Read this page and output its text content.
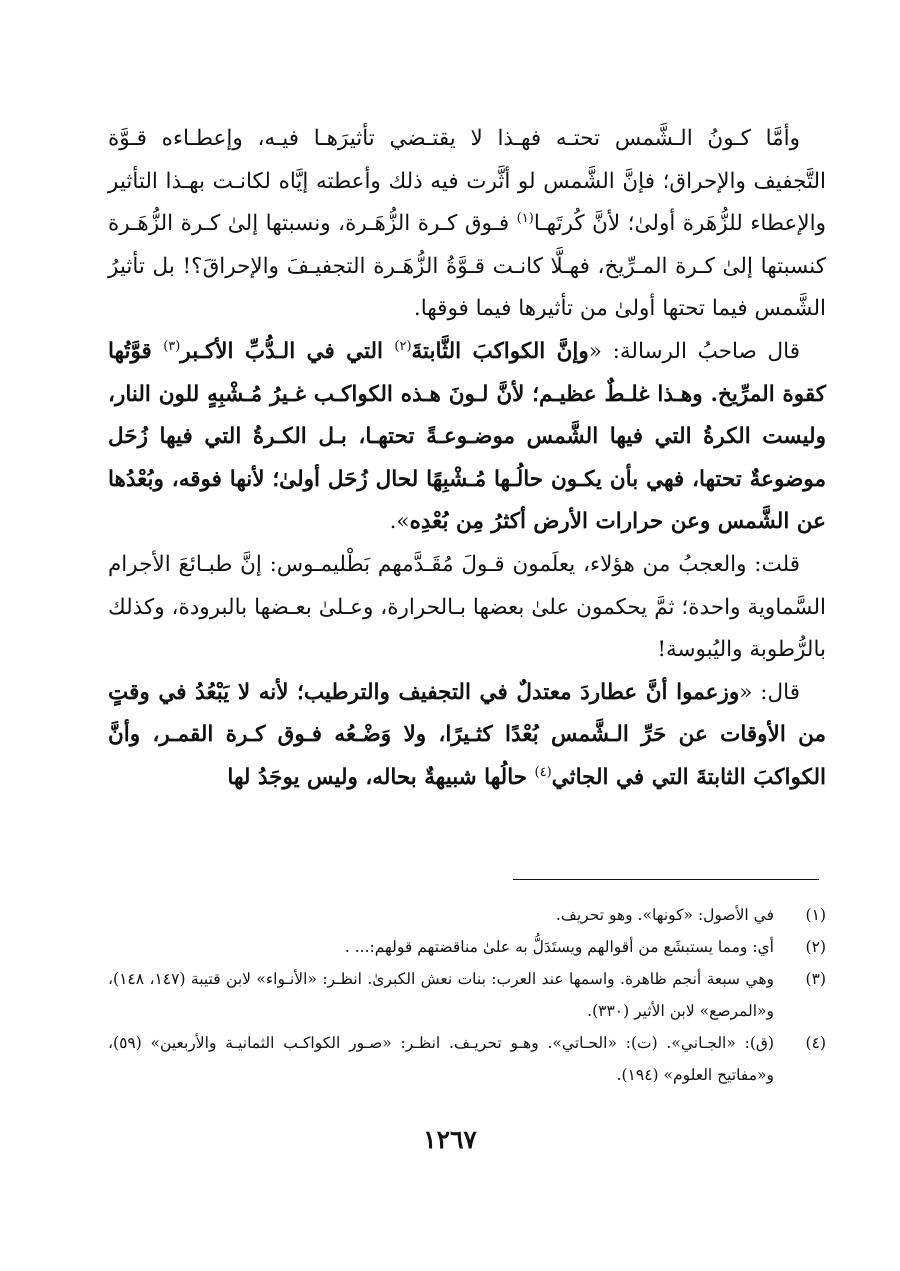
وأمَّا كـونُ الـشَّمس تحتـه فهـذا لا يقتـضي تأثيرَهـا فيـه، وإعطـاءه قـوَّة التَّجفيف والإحراق؛ فإنَّ الشَّمس لو أثَّرت فيه ذلك وأعطته إيَّاه لكانـت بهـذا التأثير والإعطاء للزُّهَرة أولىٰ؛ لأنَّ كُرتَهـا$^{(١)}$ فـوق كـرة الزُّهَـرة، ونسبتها إلىٰ كـرة الزُّهَـرة كنسبتها إلىٰ كـرة المـرِّيخ، فهـلَّا كانـت قـوَّةُ الزُّهَـرة التجفيـفَ والإحراقَ؟! بل تأثيرُ الشَّمس فيما تحتها أولىٰ من تأثيرها فيما فوقها.

قال صاحبُ الرسالة: «وإنَّ الكواكبَ الثَّابتةَ$^{(٢)}$ التي في الـدُّبِّ الأكـبر$^{(٣)}$ قوَّتُها كقوة المرِّيخ. وهـذا غلـطٌ عظيـم؛ لأنَّ لـونَ هـذه الكواكـب غـيرُ مُـشْبِهٍ للون النار، وليست الكرةُ التي فيها الشَّمس موضـوعـةً تحتهـا، بـل الكـرةُ التي فيها زُحَل موضوعةٌ تحتها، فهي بأن يكـون حالُـها مُـشْبِهًا لحال زُحَل أولىٰ؛ لأنها فوقه، وبُعْدُها عن الشَّمس وعن حرارات الأرض أكثرُ مِن بُعْدِه».

قلت: والعجبُ من هؤلاء، يعلَمون قـولَ مُقَـدَّمهم بَطْليمـوس: إنَّ طبـائعَ الأجرام السَّماوية واحدة؛ ثمَّ يحكمون علىٰ بعضها بـالحرارة، وعـلىٰ بعـضها بالبرودة، وكذلك بالرُّطوبة واليُبوسة!

قال: «وزعموا أنَّ عطاردَ معتدلٌ في التجفيف والترطيب؛ لأنه لا يَبْعُدُ في وقتٍ من الأوقات عن حَرِّ الـشَّمس بُعْدًا كثـيرًا، ولا وَضْـعُه فـوق كـرة القمـر، وأنَّ الكواكبَ الثابتةَ التي في الجاثي$^{(٤)}$ حالُها شبيهةٌ بحاله، وليس يوجَدُ لها

(١)
في الأصول: «كونها». وهو تحريف.
(٢)
أي: ومما يستبشَع من أقوالهم ويستَدَلُّ به علىٰ مناقضتهم قولهم:... .
(٣)
وهي سبعة أنجم ظاهرة. واسمها عند العرب: بنات نعش الكبرىٰ. انظـر: «الأنـواء» لابن قتيبة (١٤٧، ١٤٨)، و«المرصع» لابن الأثير (٣٣٠).
(٤)
(ق): «الجـاني». (ت): «الحـاتي». وهـو تحريـف. انظـر: «صـور الكواكـب الثمانيـة والأربعين» (٥٩)، و«مفاتيح العلوم» (١٩٤).
١٢٦٧
